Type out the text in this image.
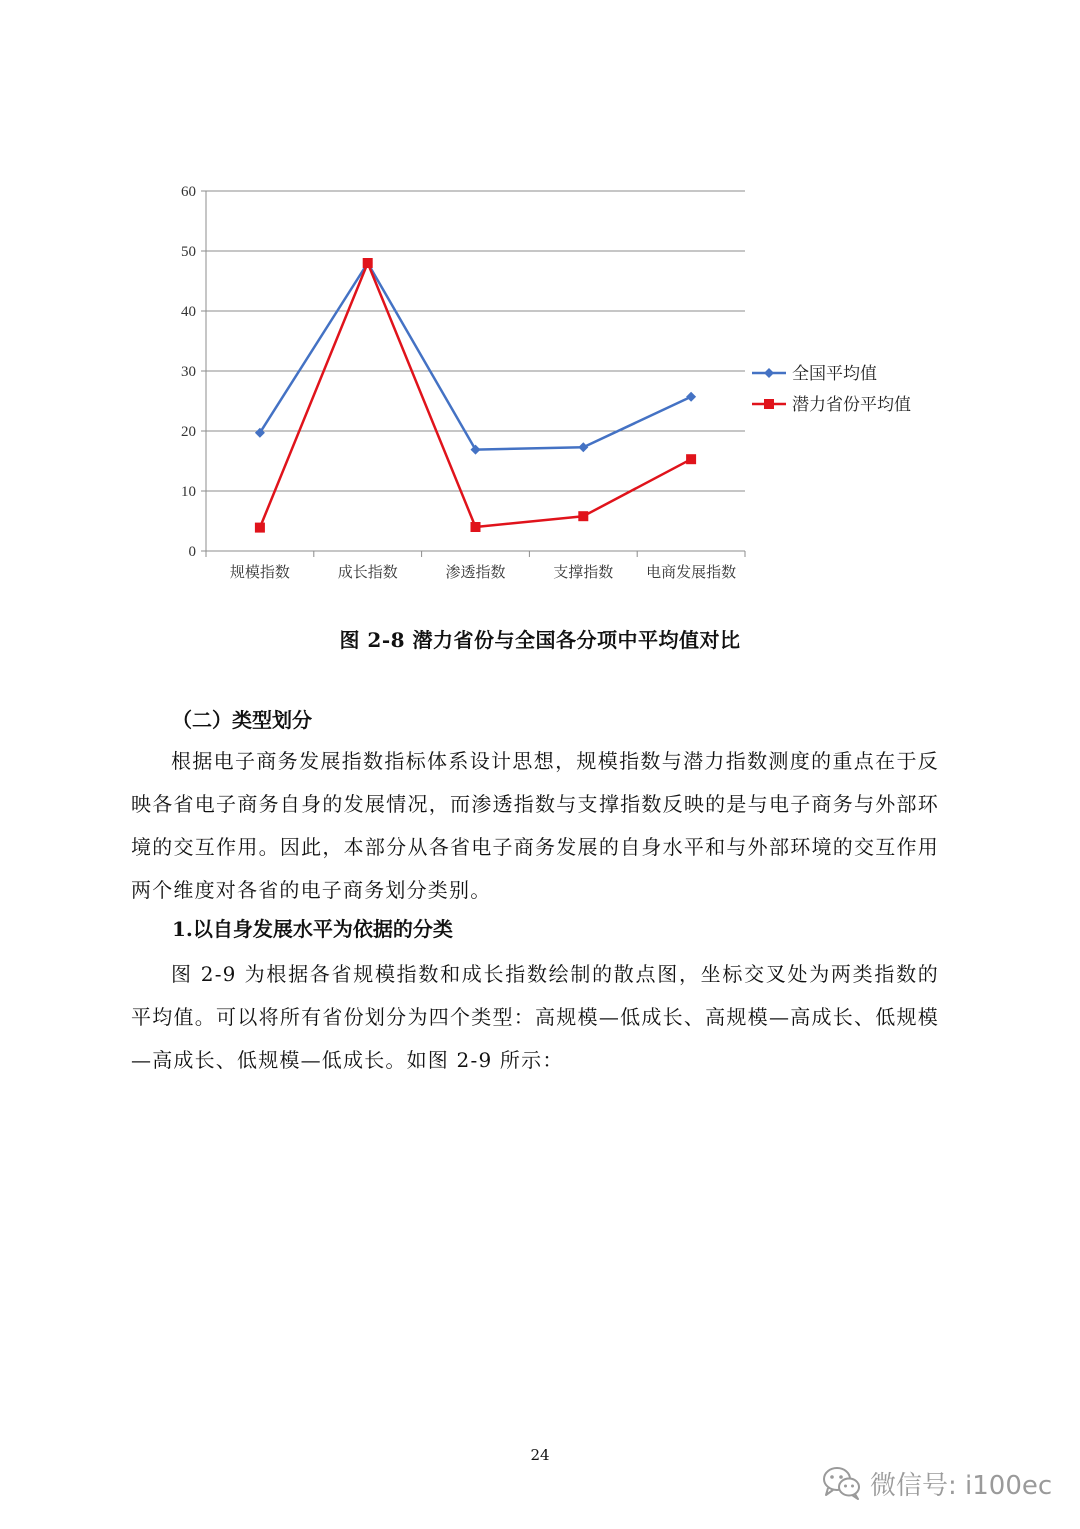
0
10
20
30
40
50
60
规模指数	成长指数	渗透指数	支撑指数 电商发展指数
全国平均值
潜力省份平均值
图 2-8 潜力省份与全国各分项中平均值对比
（二）类型划分
根据电子商务发展指数指标体系设计思想，规模指数与潜力指数测度的重点在于反映各省电子商务自身的发展情况，而渗透指数与支撑指数反映的是与电子商务与外部环境的交互作用。因此，本部分从各省电子商务发展的自身水平和与外部环境的交互作用两个维度对各省的电子商务划分类别。
1.以自身发展水平为依据的分类
图 2-9 为根据各省规模指数和成长指数绘制的散点图，坐标交叉处为两类指数的平均值。可以将所有省份划分为四个类型：高规模—低成长、高规模—高成长、低规模—高成长、低规模—低成长。如图 2-9 所示：
24
微信号: i100ec
